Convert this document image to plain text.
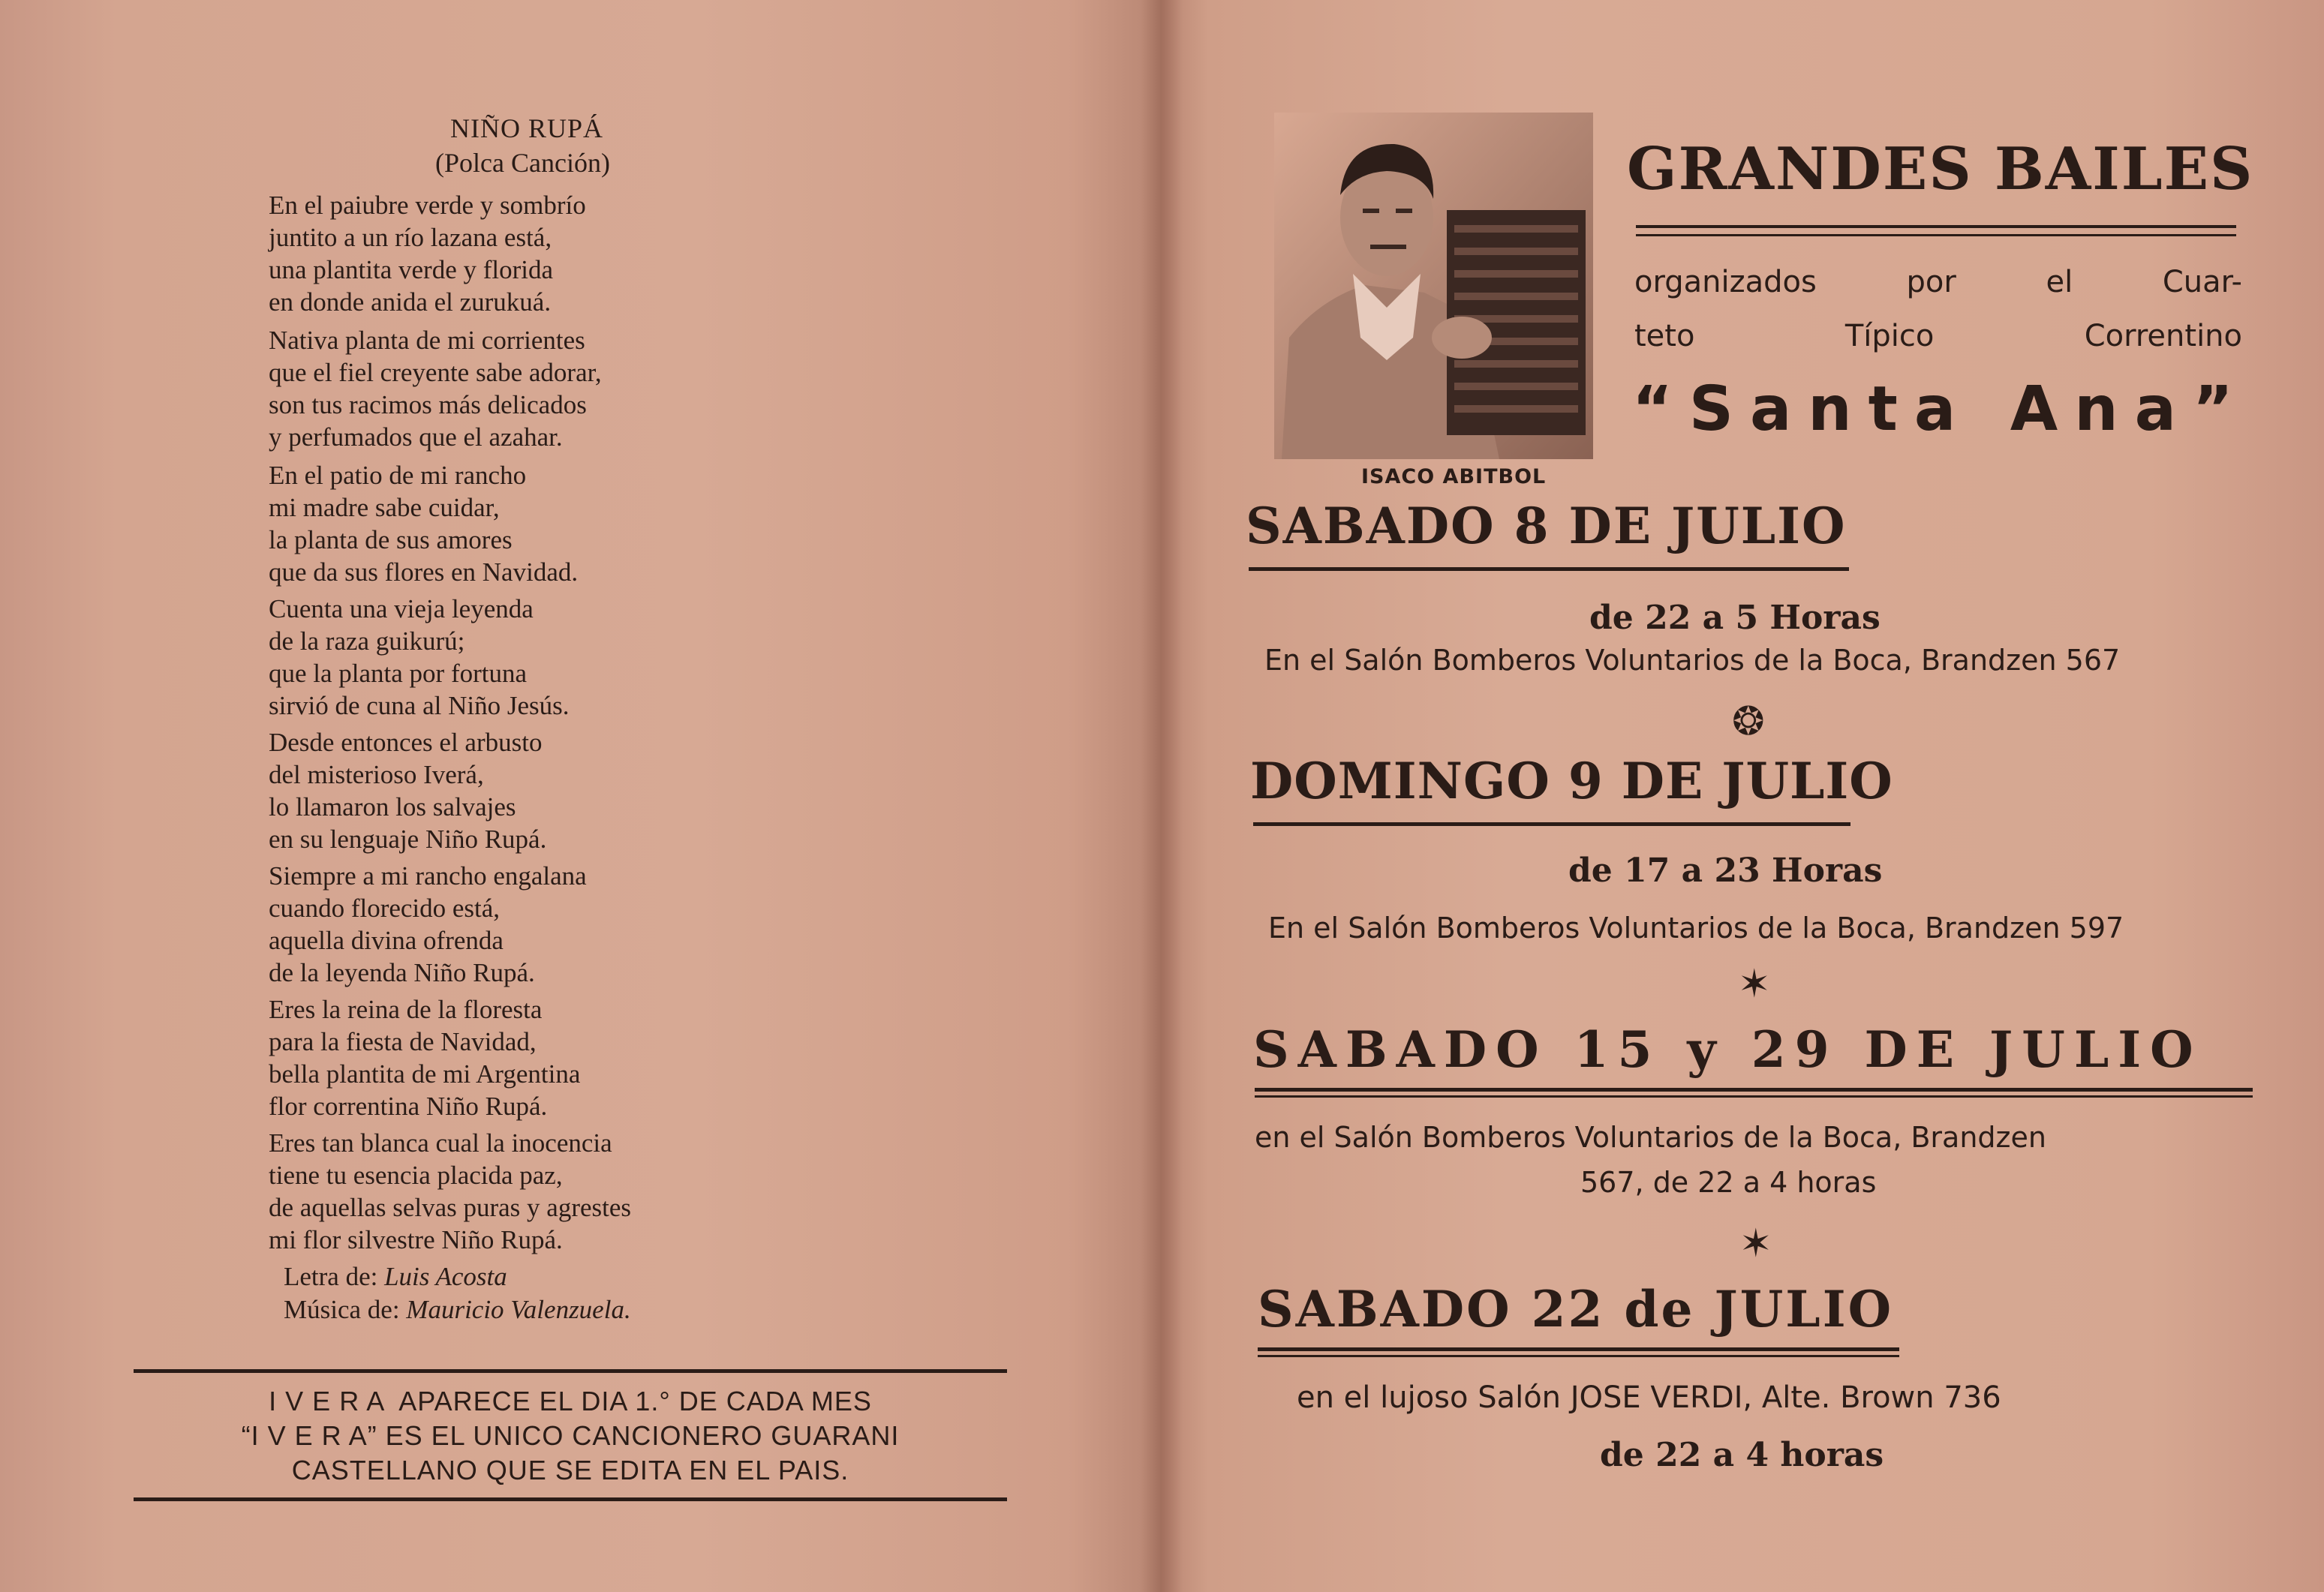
NIÑO RUPÁ
(Polca Canción)
En el paiubre verde y sombrío
juntito a un río lazana está,
una plantita verde y florida
en donde anida el zurukuá.
Nativa planta de mi corrientes
que el fiel creyente sabe adorar,
son tus racimos más delicados
y perfumados que el azahar.
En el patio de mi rancho
mi madre sabe cuidar,
la planta de sus amores
que da sus flores en Navidad.
Cuenta una vieja leyenda
de la raza guikurú;
que la planta por fortuna
sirvió de cuna al Niño Jesús.
Desde entonces el arbusto
del misterioso Iverá,
lo llamaron los salvajes
en su lenguaje Niño Rupá.
Siempre a mi rancho engalana
cuando florecido está,
aquella divina ofrenda
de la leyenda Niño Rupá.
Eres la reina de la floresta
para la fiesta de Navidad,
bella plantita de mi Argentina
flor correntina Niño Rupá.
Eres tan blanca cual la inocencia
tiene tu esencia placida paz,
de aquellas selvas puras y agrestes
mi flor silvestre Niño Rupá.
Letra de: Luis Acosta
Música de: Mauricio Valenzuela.
I V E R A  APARECE EL DIA 1.° DE CADA MES
“I V E R A” ES EL UNICO CANCIONERO GUARANI
CASTELLANO QUE SE EDITA EN EL PAIS.
ISACO ABITBOL
GRANDES BAILES
organizados por el Cuar-
teto Típico Correntino
“Santa Ana”
SABADO 8 DE JULIO
de 22 a 5 Horas
En el Salón Bomberos Voluntarios de la Boca, Brandzen 567
❂
DOMINGO 9 DE JULIO
de 17 a 23 Horas
En el Salón Bomberos Voluntarios de la Boca, Brandzen 597
✶
SABADO 15 y 29 DE JULIO
en el Salón Bomberos Voluntarios de la Boca, Brandzen
567, de 22 a 4 horas
✶
SABADO 22 de JULIO
en el lujoso Salón JOSE VERDI, Alte. Brown 736
de 22 a 4 horas
